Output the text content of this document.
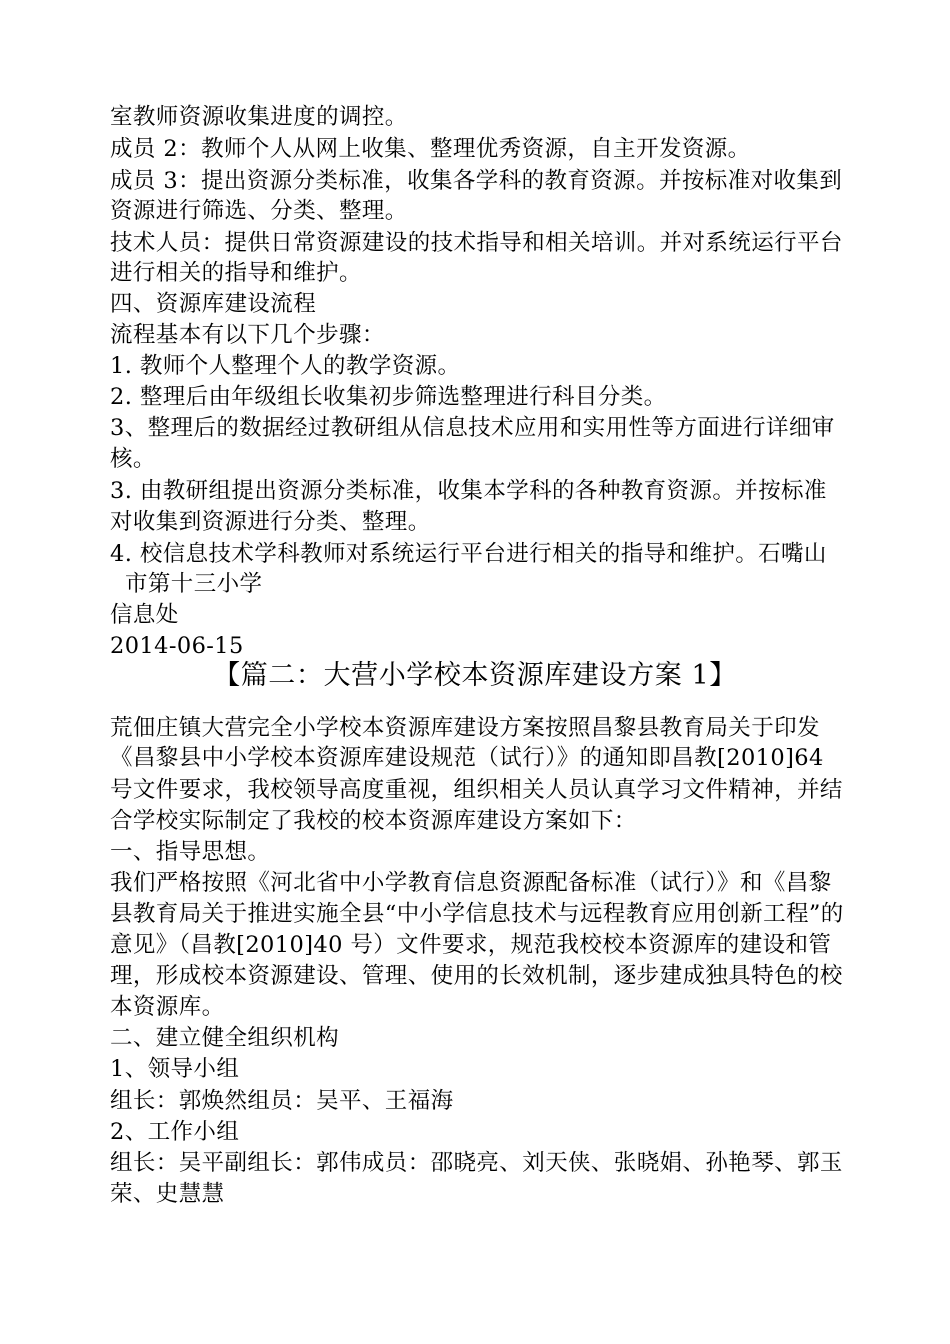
室教师资源收集进度的调控。
成员 2：教师个人从网上收集、整理优秀资源，自主开发资源。
成员 3：提出资源分类标准，收集各学科的教育资源。并按标准对收集到
资源进行筛选、分类、整理。
技术人员：提供日常资源建设的技术指导和相关培训。并对系统运行平台
进行相关的指导和维护。
四、资源库建设流程
流程基本有以下几个步骤：
1. 教师个人整理个人的教学资源。
2. 整理后由年级组长收集初步筛选整理进行科目分类。
3、整理后的数据经过教研组从信息技术应用和实用性等方面进行详细审
核。
3. 由教研组提出资源分类标准，收集本学科的各种教育资源。并按标准
对收集到资源进行分类、整理。
4. 校信息技术学科教师对系统运行平台进行相关的指导和维护。石嘴山
市第十三小学
信息处
2014-06-15
【篇二：大营小学校本资源库建设方案 1】
荒佃庄镇大营完全小学校本资源库建设方案按照昌黎县教育局关于印发
《昌黎县中小学校本资源库建设规范（试行）》的通知即昌教[2010]64
号文件要求，我校领导高度重视，组织相关人员认真学习文件精神，并结
合学校实际制定了我校的校本资源库建设方案如下：
一、指导思想。
我们严格按照《河北省中小学教育信息资源配备标准（试行）》和《昌黎
县教育局关于推进实施全县“中小学信息技术与远程教育应用创新工程”的
意见》（昌教[2010]40 号）文件要求，规范我校校本资源库的建设和管
理，形成校本资源建设、管理、使用的长效机制，逐步建成独具特色的校
本资源库。
二、建立健全组织机构
1、领导小组
组长：郭焕然组员：吴平、王福海
2、工作小组
组长：吴平副组长：郭伟成员：邵晓亮、刘天侠、张晓娟、孙艳琴、郭玉
荣、史慧慧
